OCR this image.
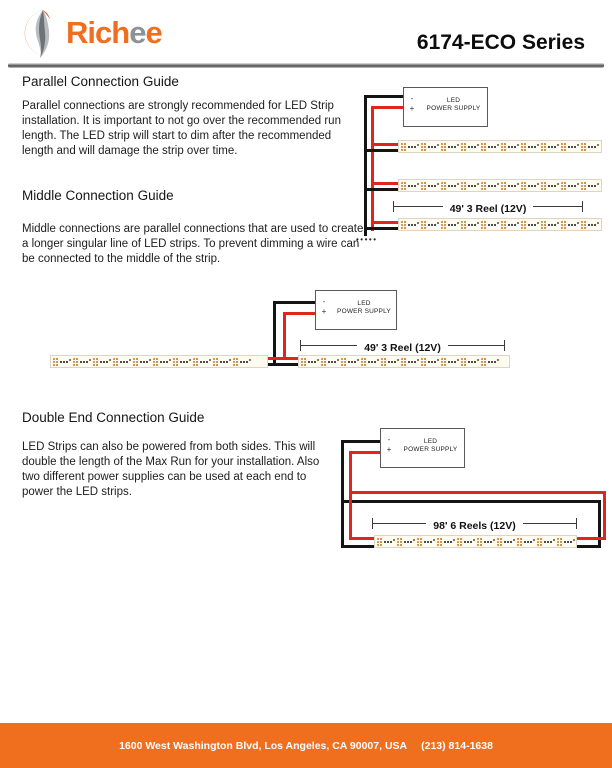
Richee	6174-ECO Series
Parallel Connection Guide
Parallel connections are strongly recommended for LED Strip installation. It is important to not go over the recommended run length. The LED strip will start to dim after the recommended length and will damage the strip over time.
-
+
LED
POWER SUPPLY
49' 3 Reel (12V)
•••••
Middle Connection Guide
Middle connections are parallel connections that are used to create a longer singular line of LED strips. To prevent dimming a wire can be connected to the middle of the strip.
-
+
LED
POWER SUPPLY
49' 3 Reel (12V)
Double End Connection Guide
LED Strips can also be powered from both sides. This will double the length of the Max Run for your installation. Also two different power supplies can be used at each end to power the LED strips.
-
+
LED
POWER SUPPLY
98' 6 Reels (12V)
1600 West Washington Blvd, Los Angeles, CA 90007, USA (213) 814-1638
